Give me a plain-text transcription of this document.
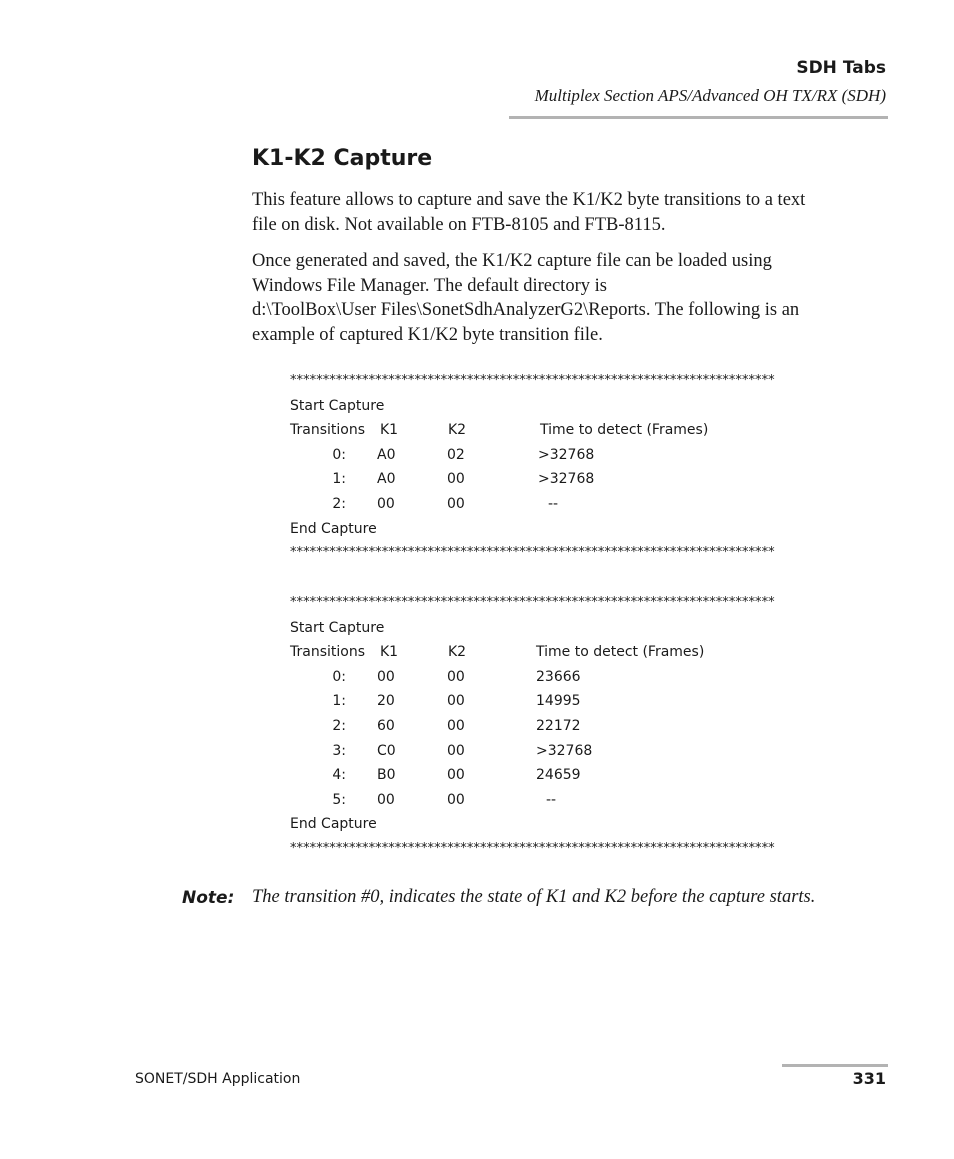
SDH Tabs
Multiplex Section APS/Advanced OH TX/RX (SDH)
K1-K2 Capture

This feature allows to capture and save the K1/K2 byte transitions to a text
file on disk. Not available on FTB-8105 and FTB-8115.

Once generated and saved, the K1/K2 capture file can be loaded using
Windows File Manager. The default directory is
d:\ToolBox\User Files\SonetSdhAnalyzerG2\Reports. The following is an
example of captured K1/K2 byte transition file.

**************************************************************************
Start Capture
Transitions K1	K2	Time to detect (Frames)
0: A0	02	>32768
1: A0	00	>32768
2: 00	00	--
End Capture
**************************************************************************
**************************************************************************
Start Capture
Transitions K1	K2	Time to detect (Frames)
0: 00	00	23666
1: 20	00	14995
2: 60	00	22172
3: C0	00	>32768
4: B0	00	24659
5: 00	00	--
End Capture
**************************************************************************
Note: The transition #0, indicates the state of K1 and K2 before the capture starts.
SONET/SDH Application	331
